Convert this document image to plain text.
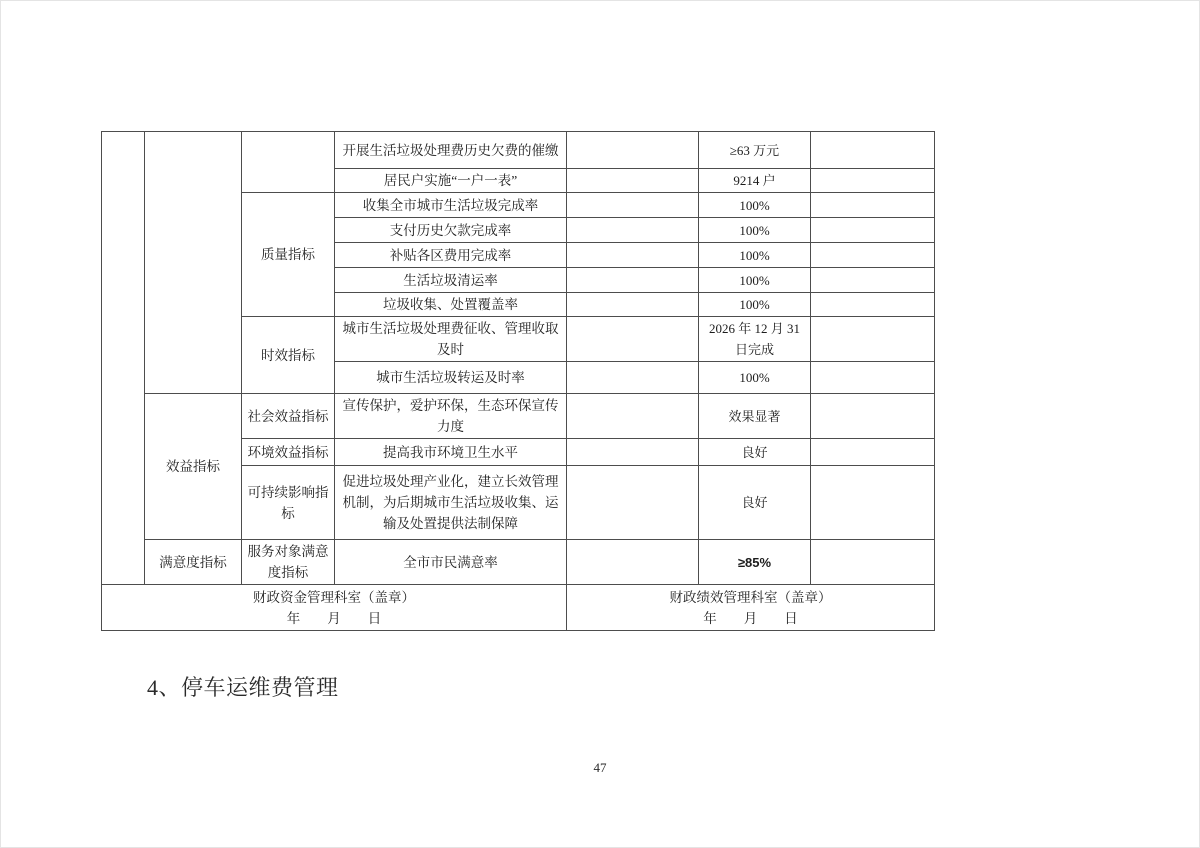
			开展生活垃圾处理费历史欠费的催缴		≥63 万元	
			居民户实施“一户一表”		9214 户	
		质量指标	收集全市城市生活垃圾完成率		100%	
			支付历史欠款完成率		100%	
			补贴各区费用完成率		100%	
			生活垃圾清运率		100%	
			垃圾收集、处置覆盖率		100%	
		时效指标	城市生活垃圾处理费征收、管理收取及时		2026 年 12 月 31 日完成	
			城市生活垃圾转运及时率		100%	
	效益指标	社会效益指标	宣传保护，爱护环保，生态环保宣传力度		效果显著	
		环境效益指标	提高我市环境卫生水平		良好	
		可持续影响指标	促进垃圾处理产业化，建立长效管理机制，为后期城市生活垃圾收集、运输及处置提供法制保障		良好	
	满意度指标	服务对象满意度指标	全市市民满意率		≥85%	

财政资金管理科室（盖章）
年　　月　　日

财政绩效管理科室（盖章）
年　　月　　日
4、停车运维费管理
47
